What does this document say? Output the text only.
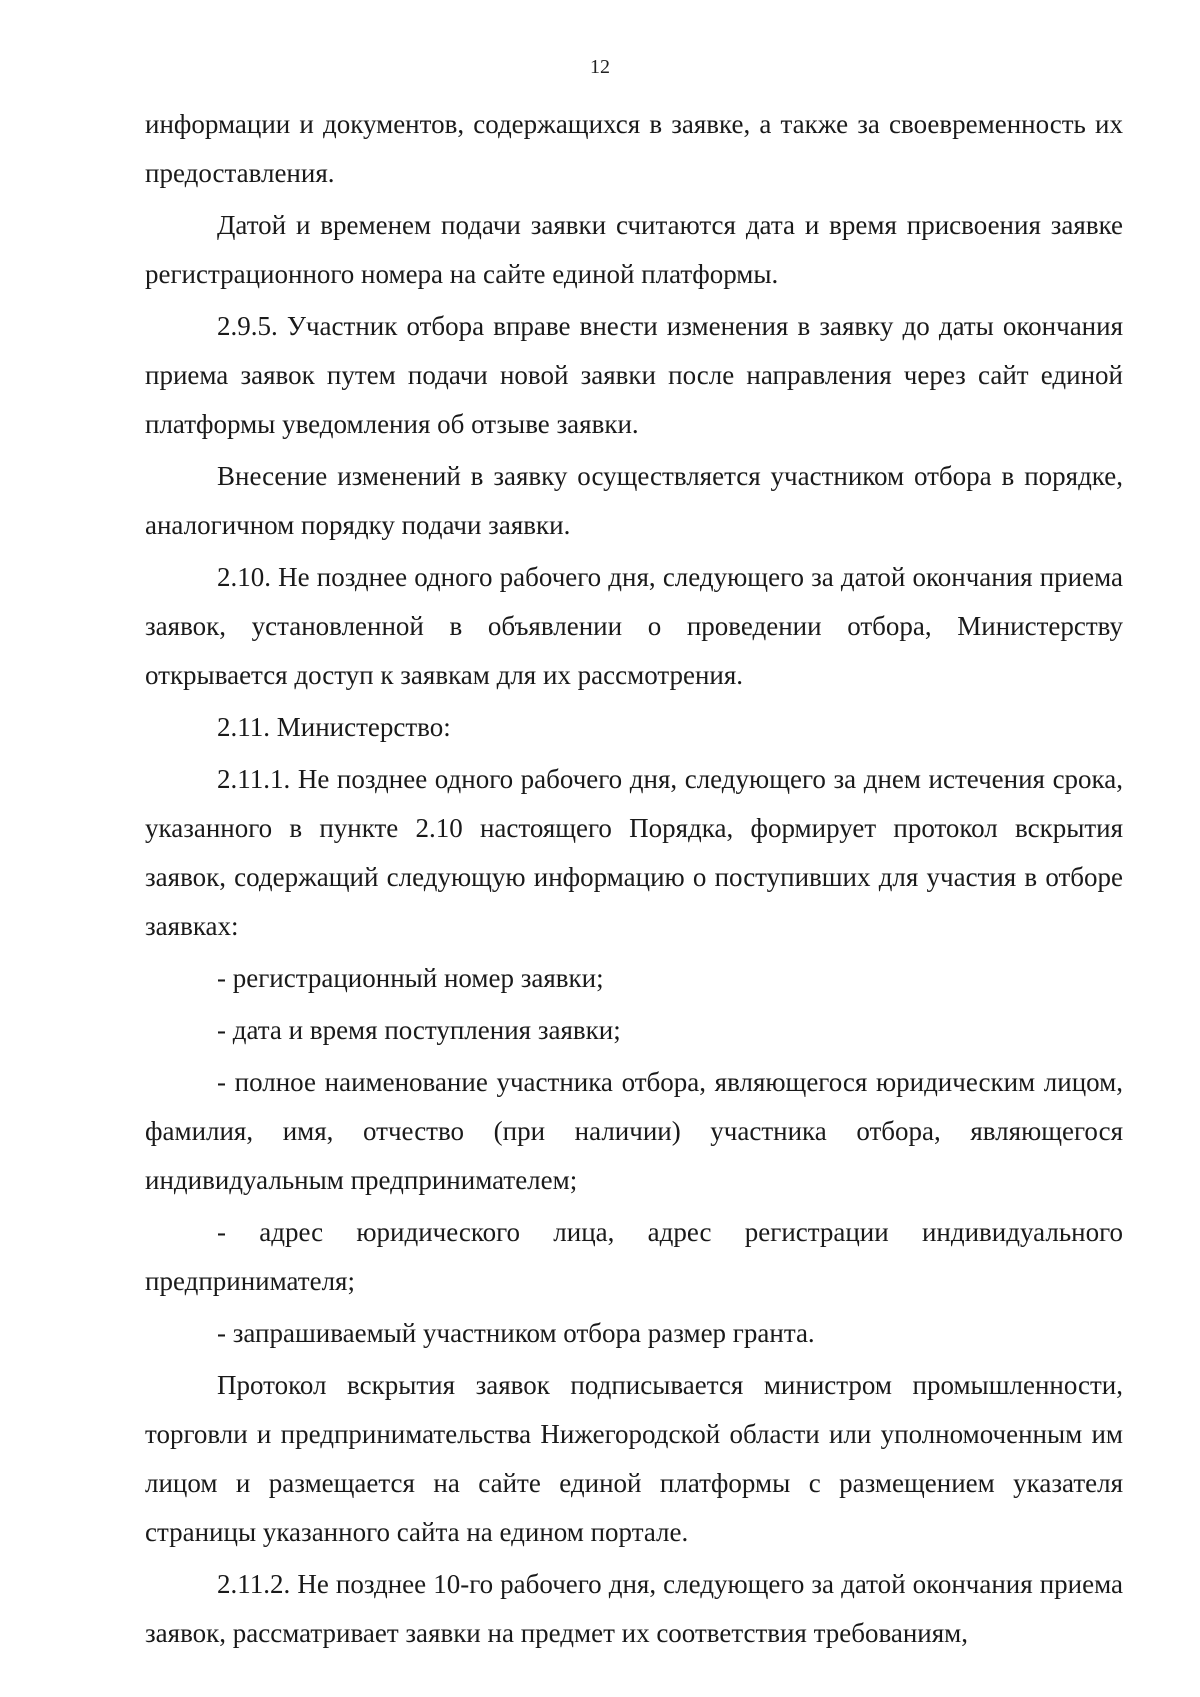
12

информации и документов, содержащихся в заявке, а также за своевременность их предоставления.

Датой и временем подачи заявки считаются дата и время присвоения заявке регистрационного номера на сайте единой платформы.

2.9.5. Участник отбора вправе внести изменения в заявку до даты окончания приема заявок путем подачи новой заявки после направления через сайт единой платформы уведомления об отзыве заявки.

Внесение изменений в заявку осуществляется участником отбора в порядке, аналогичном порядку подачи заявки.

2.10. Не позднее одного рабочего дня, следующего за датой окончания приема заявок, установленной в объявлении о проведении отбора, Министерству открывается доступ к заявкам для их рассмотрения.

2.11. Министерство:

2.11.1. Не позднее одного рабочего дня, следующего за днем истечения срока, указанного в пункте 2.10 настоящего Порядка, формирует протокол вскрытия заявок, содержащий следующую информацию о поступивших для участия в отборе заявках:

- регистрационный номер заявки;

- дата и время поступления заявки;

- полное наименование участника отбора, являющегося юридическим лицом, фамилия, имя, отчество (при наличии) участника отбора, являющегося индивидуальным предпринимателем;

- адрес юридического лица, адрес регистрации индивидуального предпринимателя;

- запрашиваемый участником отбора размер гранта.

Протокол вскрытия заявок подписывается министром промышленности, торговли и предпринимательства Нижегородской области или уполномоченным им лицом и размещается на сайте единой платформы с размещением указателя страницы указанного сайта на едином портале.

2.11.2. Не позднее 10-го рабочего дня, следующего за датой окончания приема заявок, рассматривает заявки на предмет их соответствия требованиям,
